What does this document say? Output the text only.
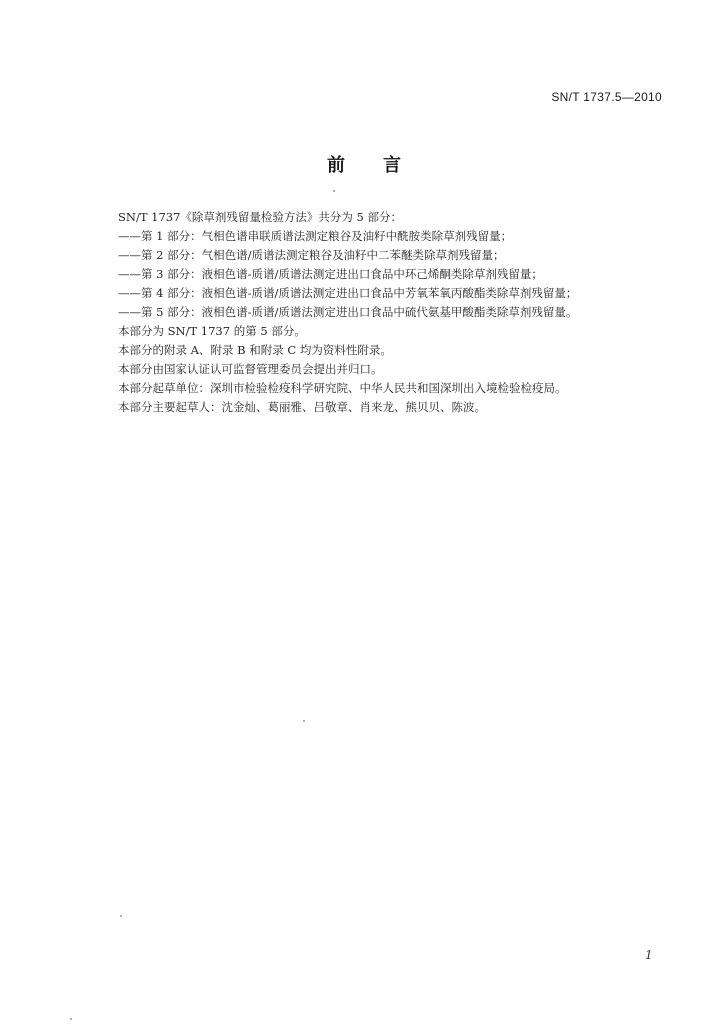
SN/T 1737.5—2010
前言
SN/T 1737《除草剂残留量检验方法》共分为 5 部分：
——第 1 部分：气相色谱串联质谱法测定粮谷及油籽中酰胺类除草剂残留量；
——第 2 部分：气相色谱/质谱法测定粮谷及油籽中二苯醚类除草剂残留量；
——第 3 部分：液相色谱-质谱/质谱法测定进出口食品中环己烯酮类除草剂残留量；
——第 4 部分：液相色谱-质谱/质谱法测定进出口食品中芳氧苯氧丙酸酯类除草剂残留量；
——第 5 部分：液相色谱-质谱/质谱法测定进出口食品中硫代氨基甲酸酯类除草剂残留量。
本部分为 SN/T 1737 的第 5 部分。
本部分的附录 A、附录 B 和附录 C 均为资料性附录。
本部分由国家认证认可监督管理委员会提出并归口。
本部分起草单位：深圳市检验检疫科学研究院、中华人民共和国深圳出入境检验检疫局。
本部分主要起草人：沈金灿、葛丽雅、吕敬章、肖来龙、熊贝贝、陈波。
1
